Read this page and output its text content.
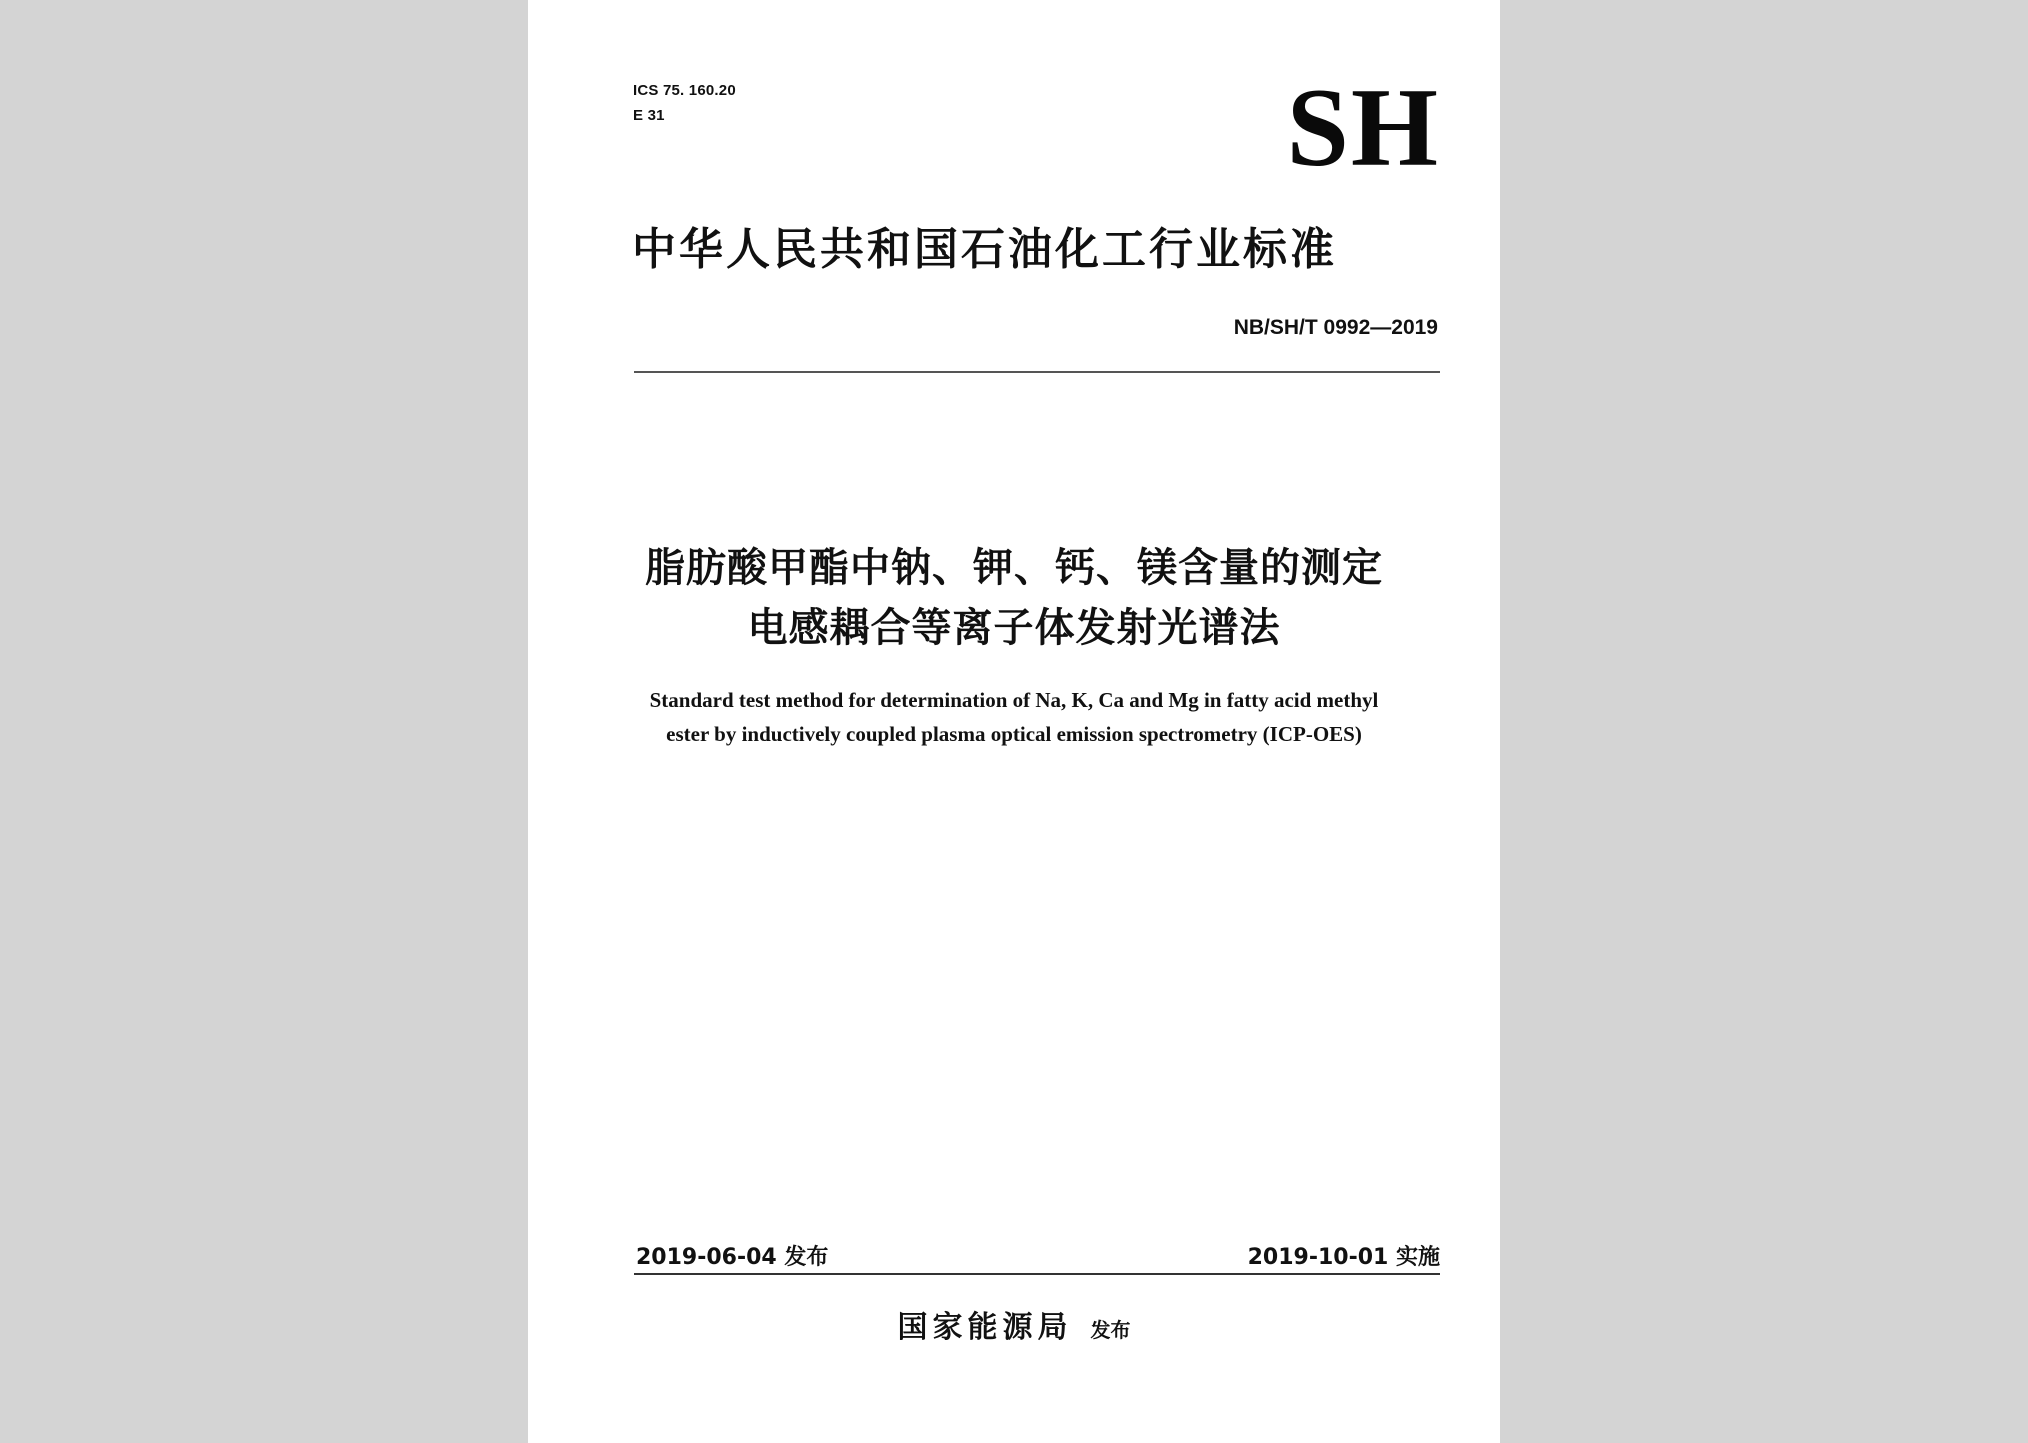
ICS 75. 160.20
E 31	SH
中华人民共和国石油化工行业标准
NB/SH/T 0992—2019
脂肪酸甲酯中钠、钾、钙、镁含量的测定
电感耦合等离子体发射光谱法
Standard test method for determination of Na, K, Ca and Mg in fatty acid methyl
ester by inductively coupled plasma optical emission spectrometry (ICP-OES)
2019-06-04 发布	2019-10-01 实施
国家能源局 发布
